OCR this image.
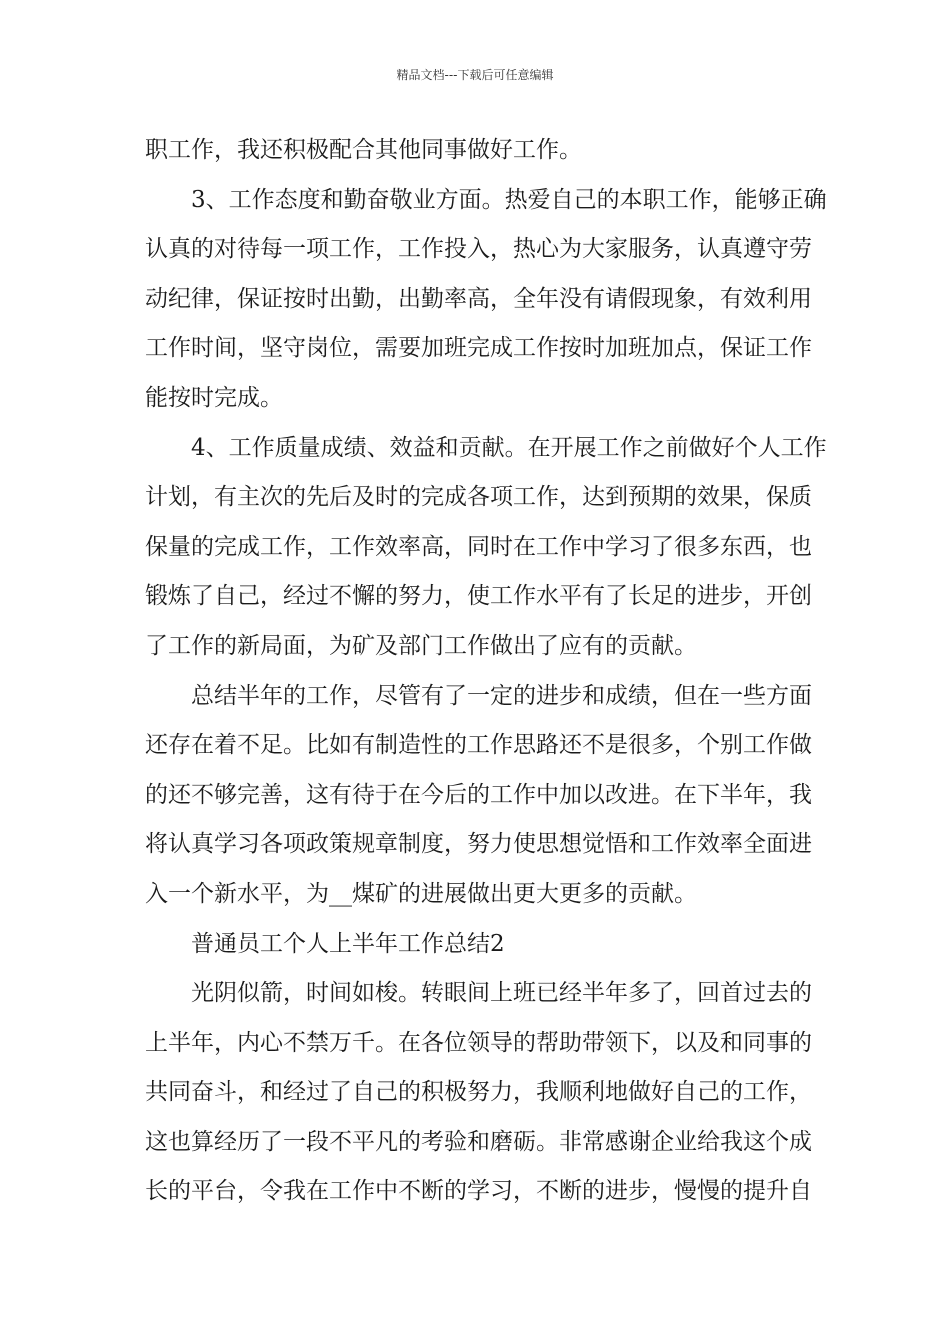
精品文档---下载后可任意编辑
职工作，我还积极配合其他同事做好工作。
3、工作态度和勤奋敬业方面。热爱自己的本职工作，能够正确
认真的对待每一项工作，工作投入，热心为大家服务，认真遵守劳
动纪律，保证按时出勤，出勤率高，全年没有请假现象，有效利用
工作时间，坚守岗位，需要加班完成工作按时加班加点，保证工作
能按时完成。
4、工作质量成绩、效益和贡献。在开展工作之前做好个人工作
计划，有主次的先后及时的完成各项工作，达到预期的效果，保质
保量的完成工作，工作效率高，同时在工作中学习了很多东西，也
锻炼了自己，经过不懈的努力，使工作水平有了长足的进步，开创
了工作的新局面，为矿及部门工作做出了应有的贡献。
总结半年的工作，尽管有了一定的进步和成绩，但在一些方面
还存在着不足。比如有制造性的工作思路还不是很多，个别工作做
的还不够完善，这有待于在今后的工作中加以改进。在下半年，我
将认真学习各项政策规章制度，努力使思想觉悟和工作效率全面进
入一个新水平，为__煤矿的进展做出更大更多的贡献。
普通员工个人上半年工作总结2
光阴似箭，时间如梭。转眼间上班已经半年多了，回首过去的
上半年，内心不禁万千。在各位领导的帮助带领下，以及和同事的
共同奋斗，和经过了自己的积极努力，我顺利地做好自己的工作，
这也算经历了一段不平凡的考验和磨砺。非常感谢企业给我这个成
长的平台，令我在工作中不断的学习，不断的进步，慢慢的提升自
